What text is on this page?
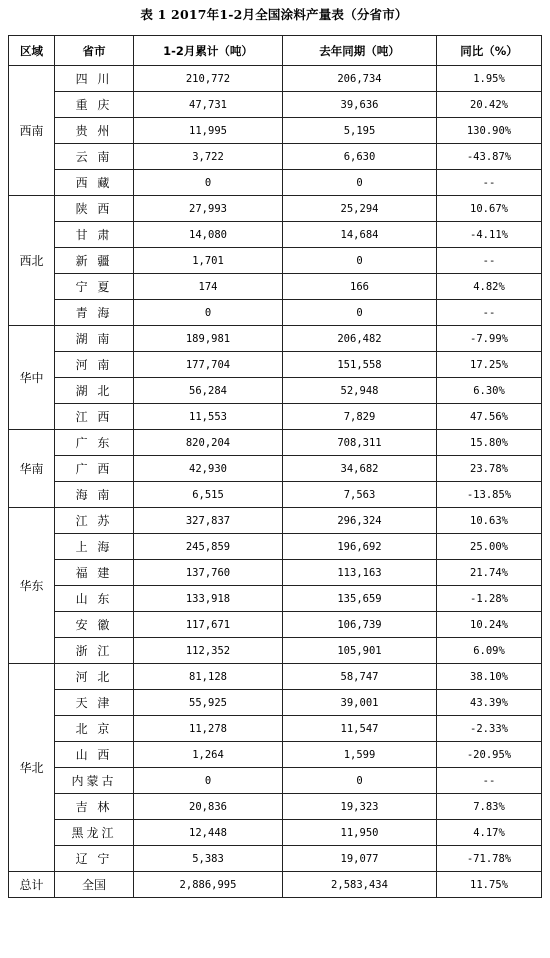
表 1 2017年1-2月全国涂料产量表（分省市）
区域	省市	1-2月累计（吨）	去年同期（吨）	同比（%）
西南	四 川	210,772	206,734	1.95%
	重 庆	47,731	39,636	20.42%
	贵 州	11,995	5,195	130.90%
	云 南	3,722	6,630	-43.87%
	西 藏	0	0	--
西北	陕 西	27,993	25,294	10.67%
	甘 肃	14,080	14,684	-4.11%
	新 疆	1,701	0	--
	宁 夏	174	166	4.82%
	青 海	0	0	--
华中	湖 南	189,981	206,482	-7.99%
	河 南	177,704	151,558	17.25%
	湖 北	56,284	52,948	6.30%
	江 西	11,553	7,829	47.56%
华南	广 东	820,204	708,311	15.80%
	广 西	42,930	34,682	23.78%
	海 南	6,515	7,563	-13.85%
华东	江 苏	327,837	296,324	10.63%
	上 海	245,859	196,692	25.00%
	福 建	137,760	113,163	21.74%
	山 东	133,918	135,659	-1.28%
	安 徽	117,671	106,739	10.24%
	浙 江	112,352	105,901	6.09%
华北	河 北	81,128	58,747	38.10%
	天 津	55,925	39,001	43.39%
	北 京	11,278	11,547	-2.33%
	山 西	1,264	1,599	-20.95%
	内蒙古	0	0	--
	吉 林	20,836	19,323	7.83%
	黑龙江	12,448	11,950	4.17%
	辽 宁	5,383	19,077	-71.78%
总计	全国	2,886,995	2,583,434	11.75%
